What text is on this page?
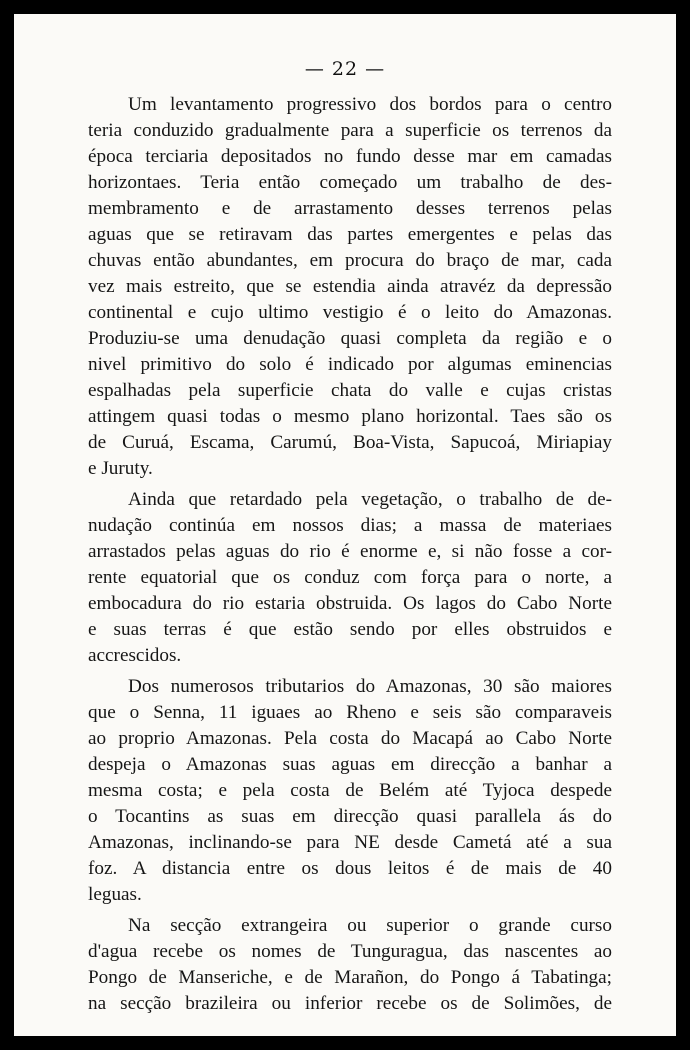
— 22 —
Um levantamento progressivo dos bordos para o centro
teria conduzido gradualmente para a superficie os terrenos da
época terciaria depositados no fundo desse mar em camadas
horizontaes. Teria então começado um trabalho de des-
membramento e de arrastamento desses terrenos pelas
aguas que se retiravam das partes emergentes e pelas das
chuvas então abundantes, em procura do braço de mar, cada
vez mais estreito, que se estendia ainda atravéz da depressão
continental e cujo ultimo vestigio é o leito do Amazonas.
Produziu-se uma denudação quasi completa da região e o
nivel primitivo do solo é indicado por algumas eminencias
espalhadas pela superficie chata do valle e cujas cristas
attingem quasi todas o mesmo plano horizontal. Taes são os
de Curuá, Escama, Carumú, Boa-Vista, Sapucoá, Miriapiay
e Juruty.
Ainda que retardado pela vegetação, o trabalho de de-
nudação continúa em nossos dias; a massa de materiaes
arrastados pelas aguas do rio é enorme e, si não fosse a cor-
rente equatorial que os conduz com força para o norte, a
embocadura do rio estaria obstruida. Os lagos do Cabo Norte
e suas terras é que estão sendo por elles obstruidos e
accrescidos.
Dos numerosos tributarios do Amazonas, 30 são maiores
que o Senna, 11 iguaes ao Rheno e seis são comparaveis
ao proprio Amazonas. Pela costa do Macapá ao Cabo Norte
despeja o Amazonas suas aguas em direcção a banhar a
mesma costa; e pela costa de Belém até Tyjoca despede
o Tocantins as suas em direcção quasi parallela ás do
Amazonas, inclinando-se para NE desde Cametá até a sua
foz. A distancia entre os dous leitos é de mais de 40
leguas.
Na secção extrangeira ou superior o grande curso
d'agua recebe os nomes de Tunguragua, das nascentes ao
Pongo de Manseriche, e de Marañon, do Pongo á Tabatinga;
na secção brazileira ou inferior recebe os de Solimões, de
